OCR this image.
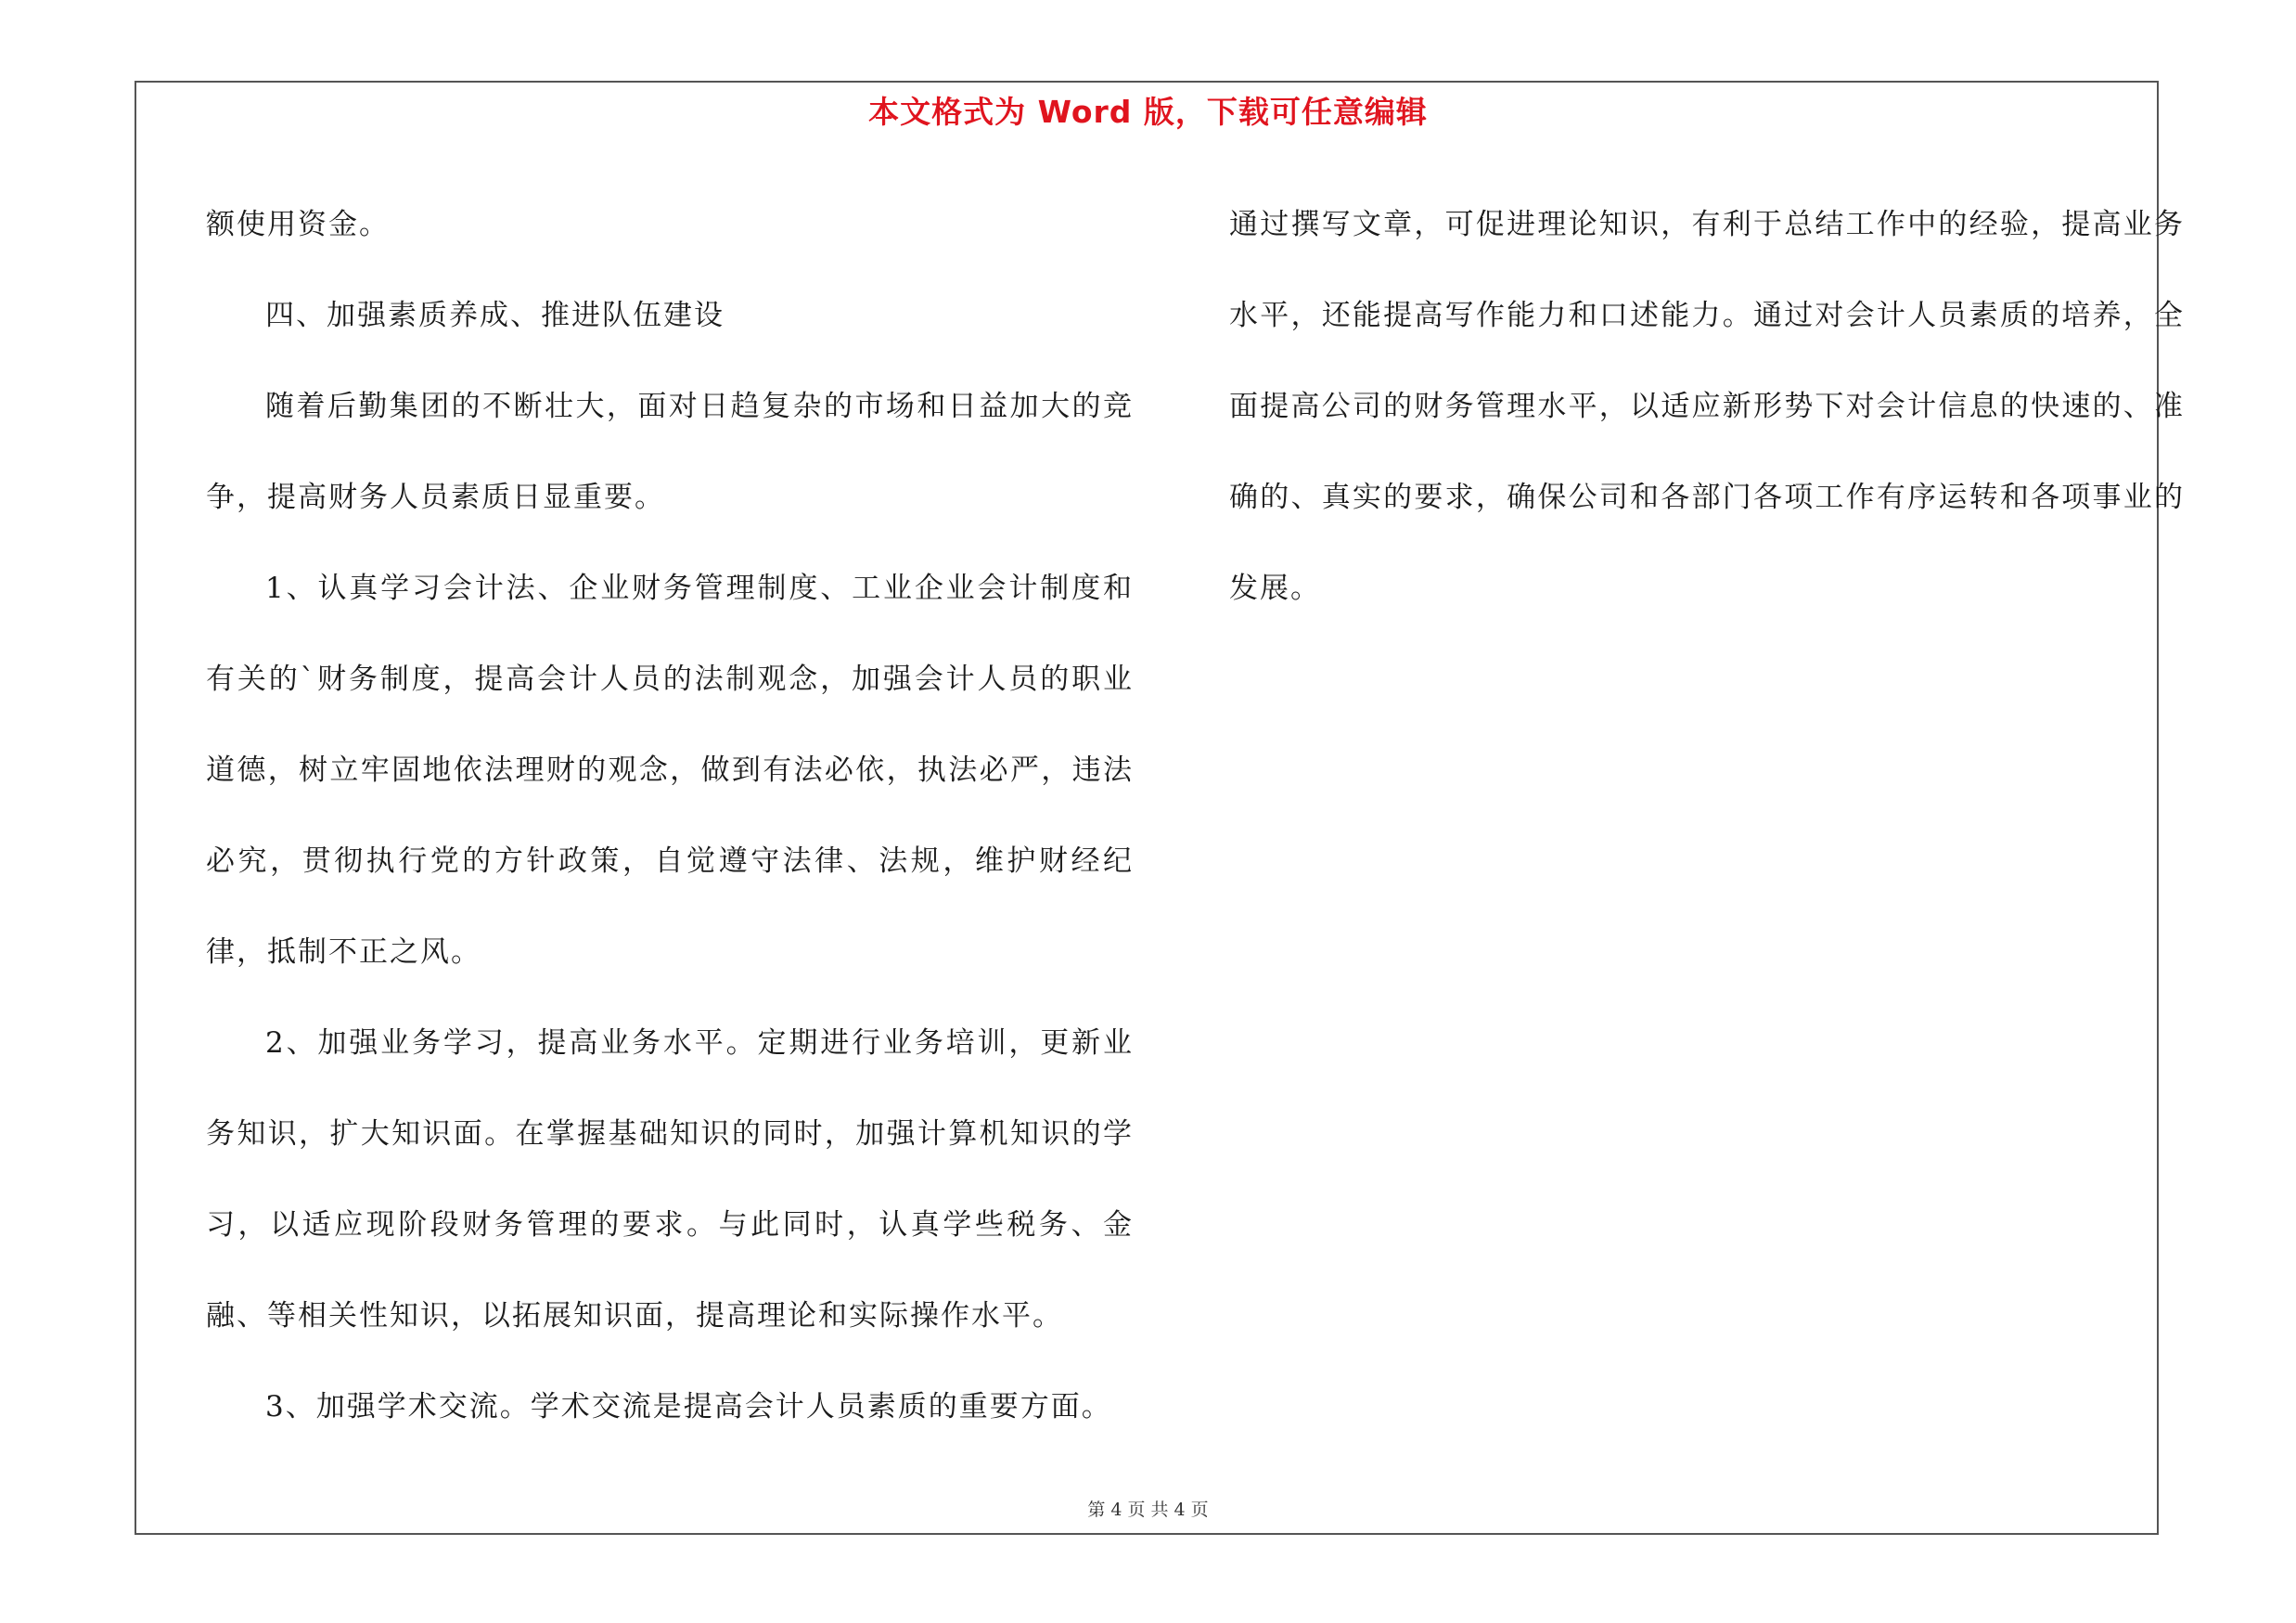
本文格式为 Word 版，下载可任意编辑

额使用资金。

四、加强素质养成、推进队伍建设

随着后勤集团的不断壮大，面对日趋复杂的市场和日益加大的竞争，提高财务人员素质日显重要。

1、认真学习会计法、企业财务管理制度、工业企业会计制度和有关的`财务制度，提高会计人员的法制观念，加强会计人员的职业道德，树立牢固地依法理财的观念，做到有法必依，执法必严，违法必究，贯彻执行党的方针政策，自觉遵守法律、法规，维护财经纪律，抵制不正之风。

2、加强业务学习，提高业务水平。定期进行业务培训，更新业务知识，扩大知识面。在掌握基础知识的同时，加强计算机知识的学习，以适应现阶段财务管理的要求。与此同时，认真学些税务、金融、等相关性知识，以拓展知识面，提高理论和实际操作水平。

3、加强学术交流。学术交流是提高会计人员素质的重要方面。

通过撰写文章，可促进理论知识，有利于总结工作中的经验，提高业务水平，还能提高写作能力和口述能力。通过对会计人员素质的培养，全面提高公司的财务管理水平，以适应新形势下对会计信息的快速的、准确的、真实的要求，确保公司和各部门各项工作有序运转和各项事业的发展。

第 4 页 共 4 页
